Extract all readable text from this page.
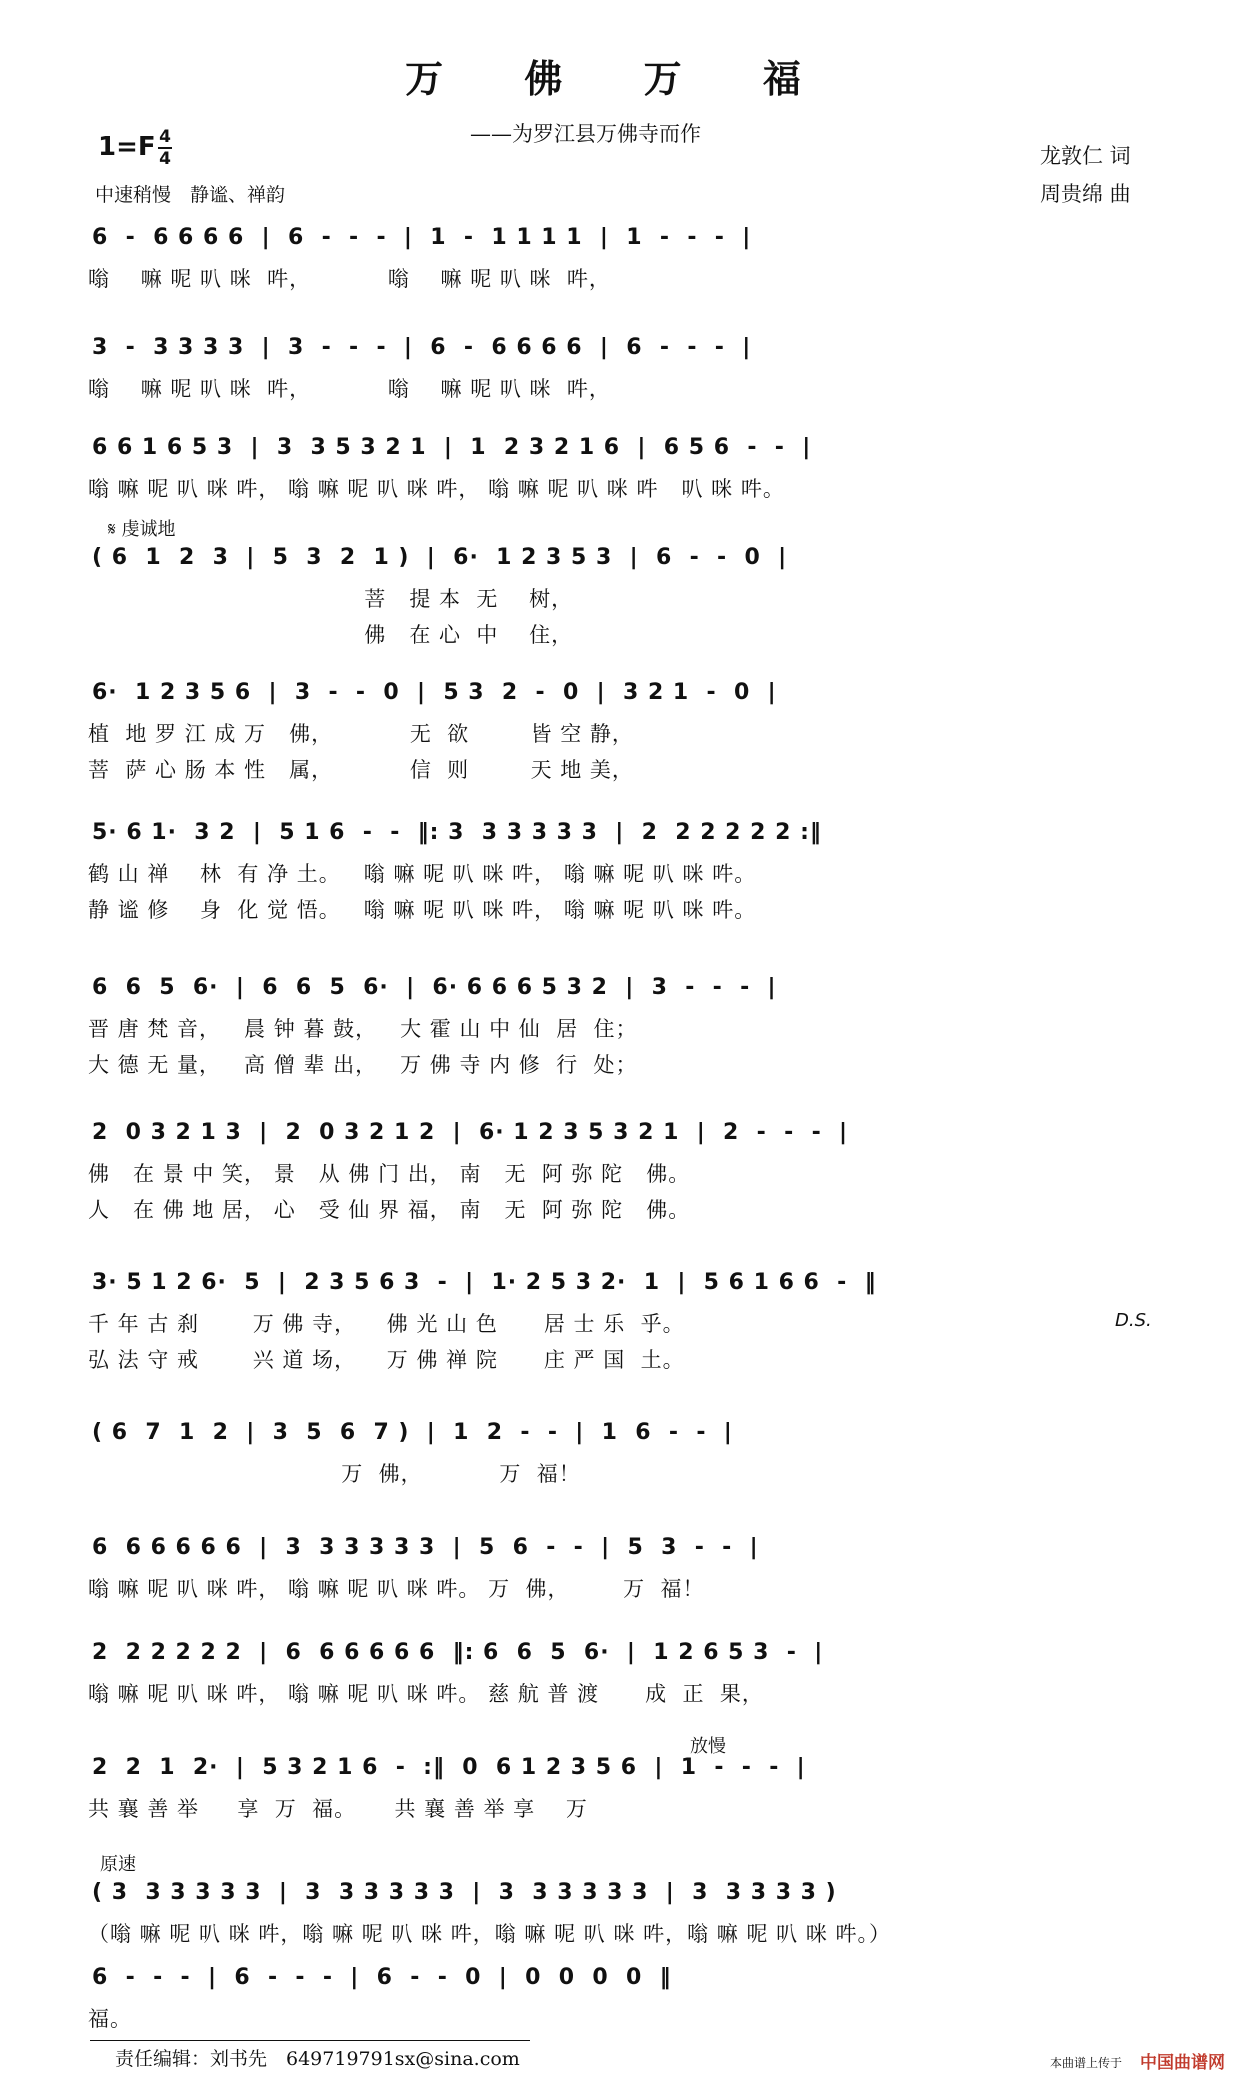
万 佛 万 福
——为罗江县万佛寺而作
1=F 4
4
中速稍慢　静谧、禅韵
龙敦仁 词
周贵绵 曲
𝄋 虔诚地
D.S.
放慢
原速
6  -  6 6 6 6  |  6  -  -  -  |  1  -  1 1 1 1  |  1  -  -  -  |
嗡    嘛 呢 叭 咪  吽，          嗡    嘛 呢 叭 咪  吽，
3  -  3 3 3 3  |  3  -  -  -  |  6  -  6 6 6 6  |  6  -  -  -  |
嗡    嘛 呢 叭 咪  吽，          嗡    嘛 呢 叭 咪  吽，
6 6 1 6 5 3  |  3  3 5 3 2 1  |  1  2 3 2 1 6  |  6 5 6  -  -  |
嗡 嘛 呢 叭 咪 吽， 嗡 嘛 呢 叭 咪 吽， 嗡 嘛 呢 叭 咪 吽   叭 咪 吽。
( 6  1  2  3  |  5  3  2  1 )  |  6·  1 2 3 5 3  |  6  -  -  0  |
菩   提 本  无    树，
佛   在 心  中    住，
6·  1 2 3 5 6  |  3  -  -  0  |  5 3  2  -  0  |  3 2 1  -  0  |
植  地 罗 江 成 万   佛，          无  欲        皆 空 静，
菩  萨 心 肠 本 性   属，          信  则        天 地 美，
5· 6 1·  3 2  |  5 1 6  -  -  ‖: 3  3 3 3 3 3  |  2  2 2 2 2 2 :‖
鹤 山 禅    林  有 净 土。   嗡 嘛 呢 叭 咪 吽， 嗡 嘛 呢 叭 咪 吽。
静 谧 修    身  化 觉 悟。   嗡 嘛 呢 叭 咪 吽， 嗡 嘛 呢 叭 咪 吽。
6  6  5  6·  |  6  6  5  6·  |  6· 6 6 6 5 3 2  |  3  -  -  -  |
晋 唐 梵 音，   晨 钟 暮 鼓，   大 霍 山 中 仙  居  住；
大 德 无 量，   高 僧 辈 出，   万 佛 寺 内 修  行  处；
2  0 3 2 1 3  |  2  0 3 2 1 2  |  6· 1 2 3 5 3 2 1  |  2  -  -  -  |
佛   在 景 中 笑， 景   从 佛 门 出， 南   无  阿 弥 陀   佛。
人   在 佛 地 居， 心   受 仙 界 福， 南   无  阿 弥 陀   佛。
3· 5 1 2 6·  5  |  2 3 5 6 3  -  |  1· 2 5 3 2·  1  |  5 6 1 6 6  -  ‖
千 年 古 刹       万 佛 寺，    佛 光 山 色      居 士 乐  乎。
弘 法 守 戒       兴 道 场，    万 佛 禅 院      庄 严 国  土。
( 6  7  1  2  |  3  5  6  7 )  |  1  2  -  -  |  1  6  -  -  |
万  佛，          万  福！
6  6 6 6 6 6  |  3  3 3 3 3 3  |  5  6  -  -  |  5  3  -  -  |
嗡 嘛 呢 叭 咪 吽， 嗡 嘛 呢 叭 咪 吽。 万  佛，       万  福！
2  2 2 2 2 2  |  6  6 6 6 6 6  ‖: 6  6  5  6·  |  1 2 6 5 3  -  |
嗡 嘛 呢 叭 咪 吽， 嗡 嘛 呢 叭 咪 吽。 慈 航 普 渡      成  正  果，
2  2  1  2·  |  5 3 2 1 6  -  :‖  0  6 1 2 3 5 6  |  1  -  -  -  |
共 襄 善 举     享  万  福。     共 襄 善 举 享    万
( 3  3 3 3 3 3  |  3  3 3 3 3 3  |  3  3 3 3 3 3  |  3  3 3 3 3 )
（嗡 嘛 呢 叭 咪 吽，嗡 嘛 呢 叭 咪 吽，嗡 嘛 呢 叭 咪 吽，嗡 嘛 呢 叭 咪 吽。）
6  -  -  -  |  6  -  -  -  |  6  -  -  0  |  0  0  0  0  ‖
福。
责任编辑：刘书先　649719791sx@sina.com	本曲谱上传于 中国曲谱网
